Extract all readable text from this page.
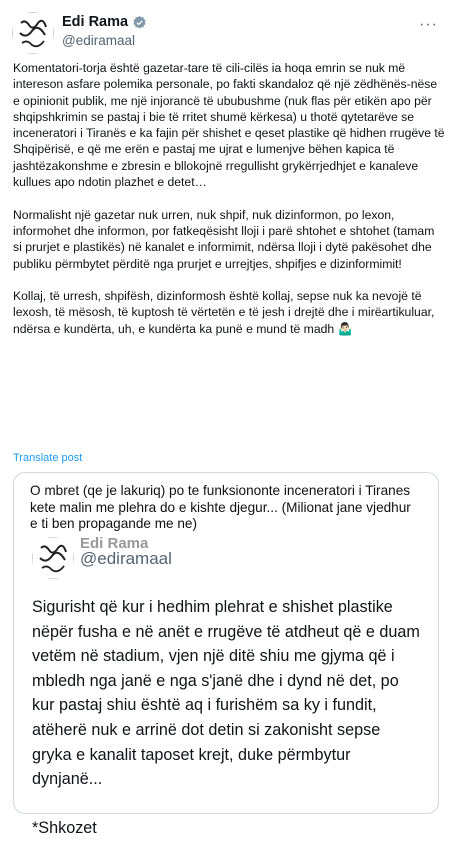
Edi Rama
@ediramaal
···

Komentatori-torja është gazetar-tare të cili-cilës ia hoqa emrin se nuk më intereson asfare polemika personale, po fakti skandaloz që një zëdhënës-nëse e opinionit publik, me një injorancë të ububushme (nuk flas për etikën apo për shqipshkrimin se pastaj i bie të rritet shumë kërkesa) u thotë qytetarëve se inceneratori i Tiranës e ka fajin për shishet e qeset plastike që hidhen rrugëve të Shqipërisë, e që me erën e pastaj me ujrat e lumenjve bëhen kapica të jashtëzakonshme e zbresin e bllokojnë rregullisht grykërrjedhjet e kanaleve kullues apo ndotin plazhet e detet…

Normalisht një gazetar nuk urren, nuk shpif, nuk dizinformon, po lexon, informohet dhe informon, por fatkeqësisht lloji i parë shtohet e shtohet (tamam si prurjet e plastikës) në kanalet e informimit, ndërsa lloji i dytë pakësohet dhe publiku përmbytet përditë nga prurjet e urrejtjes, shpifjes e dizinformimit!

Kollaj, të urresh, shpifësh, dizinformosh është kollaj, sepse nuk ka nevojë të lexosh, të mësosh, të kuptosh të vërtetën e të jesh i drejtë dhe i mirëartikuluar, ndërsa e kundërta, uh, e kundërta ka punë e mund të madh 🤷🏻‍♂️

Translate post
O mbret (qe je lakuriq) po te funksiononte inceneratori i Tiranes kete malin me plehra do e kishte djegur... (Milionat jane vjedhur e ti ben propagande me ne)
Edi Rama
@ediramaal

Sigurisht që kur i hedhim plehrat e shishet plastike nëpër fusha e në anët e rrugëve të atdheut që e duam vetëm në stadium, vjen një ditë shiu me gjyma që i mbledh nga janë e nga s'janë dhe i dynd në det, po kur pastaj shiu është aq i furishëm sa ky i fundit, atëherë nuk e arrinë dot detin si zakonisht sepse gryka e kanalit taposet krejt, duke përmbytur dynjanë...

*Shkozet
